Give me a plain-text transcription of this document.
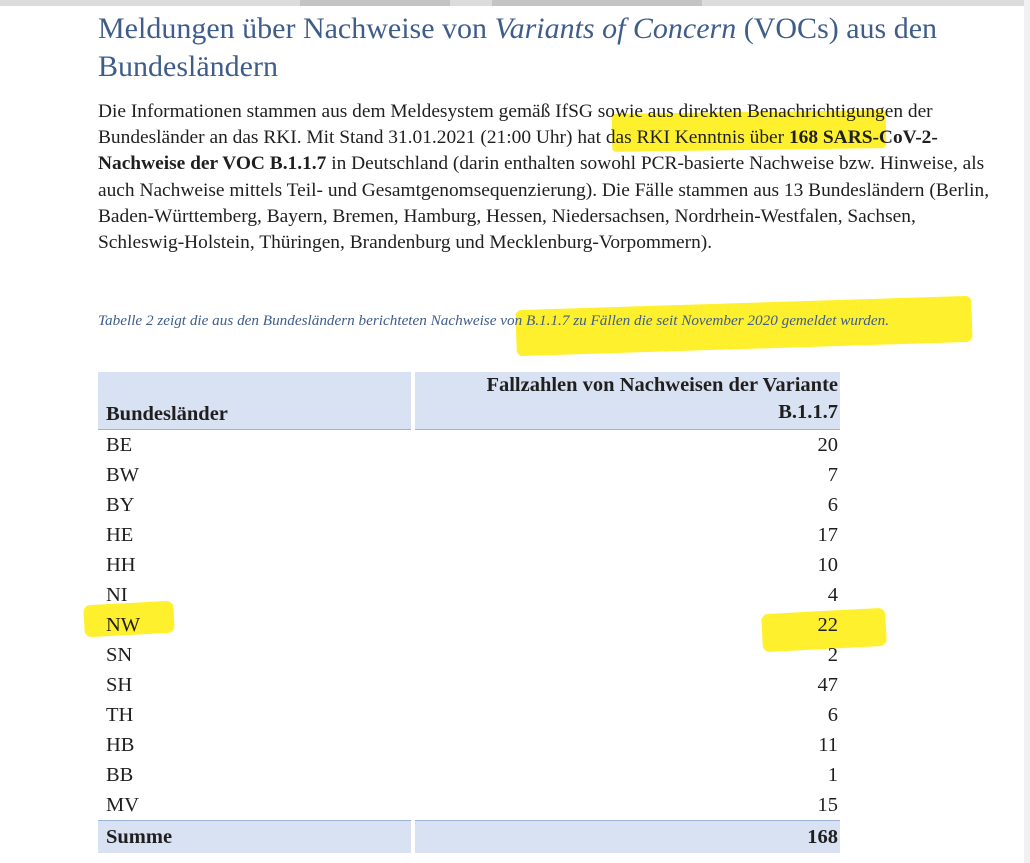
Meldungen über Nachweise von Variants of Concern (VOCs) aus den Bundesländern

Die Informationen stammen aus dem Meldesystem gemäß IfSG sowie aus direkten Benachrichtigungen der Bundesländer an das RKI. Mit Stand 31.01.2021 (21:00 Uhr) hat das RKI Kenntnis über 168 SARS-CoV-2-Nachweise der VOC B.1.1.7 in Deutschland (darin enthalten sowohl PCR-basierte Nachweise bzw. Hinweise, als auch Nachweise mittels Teil- und Gesamtgenomsequenzierung). Die Fälle stammen aus 13 Bundesländern (Berlin, Baden-Württemberg, Bayern, Bremen, Hamburg, Hessen, Niedersachsen, Nordrhein-Westfalen, Sachsen, Schleswig-Holstein, Thüringen, Brandenburg und Mecklenburg-Vorpommern).

Tabelle 2 zeigt die aus den Bundesländern berichteten Nachweise von B.1.1.7 zu Fällen die seit November 2020 gemeldet wurden.

Bundesländer	Fallzahlen von Nachweisen der Variante
B.1.1.7
BE	20
BW	7
BY	6
HE	17
HH	10
NI	4
NW	22
SN	2
SH	47
TH	6
HB	11
BB	1
MV	15
Summe	168
